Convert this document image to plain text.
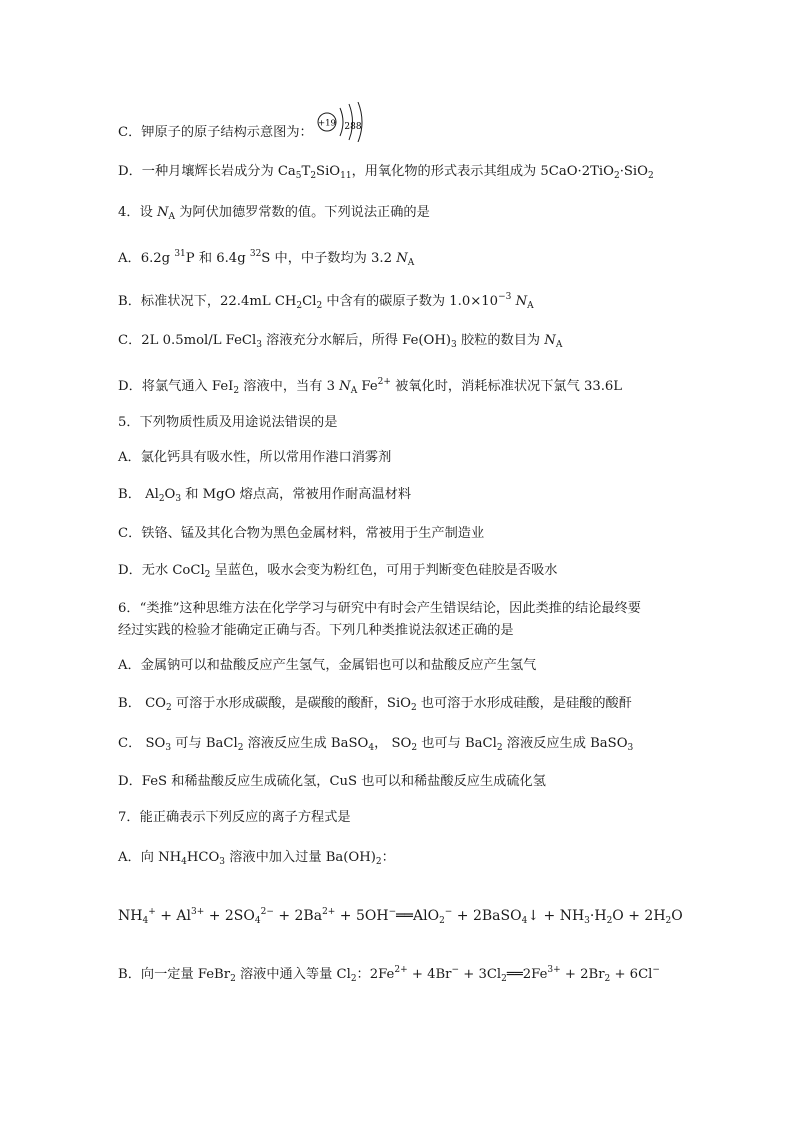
C．钾原子的原子结构示意图为：
+19 288
D．一种月壤辉长岩成分为 $Ca_5T_2SiO_{11}$，用氧化物的形式表示其组成为 5CaO·2TiO$_2$·SiO$_2$
4．设 $N_A$ 为阿伏加德罗常数的值。下列说法正确的是
A．6.2g $^{31}$P 和 6.4g $^{32}$S 中，中子数均为 3.2 $N_A$
B．标准状况下，22.4mL $CH_2Cl_2$ 中含有的碳原子数为 $1.0\times 10^{-3}$ $N_A$
C．2L 0.5mol/L FeCl$_3$ 溶液充分水解后，所得 $Fe(OH)_3$ 胶粒的数目为 $N_A$
D．将氯气通入 FeI$_2$ 溶液中，当有 3 $N_A$ $Fe^{2+}$ 被氧化时，消耗标准状况下氯气 33.6L
5．下列物质性质及用途说法错误的是
A．氯化钙具有吸水性，所以常用作港口消雾剂
B． $Al_2O_3$ 和 MgO 熔点高，常被用作耐高温材料
C．铁铬、锰及其化合物为黑色金属材料，常被用于生产制造业
D．无水 CoCl$_2$ 呈蓝色，吸水会变为粉红色，可用于判断变色硅胶是否吸水
6．“类推”这种思维方法在化学学习与研究中有时会产生错误结论，因此类推的结论最终要
经过实践的检验才能确定正确与否。下列几种类推说法叙述正确的是
A．金属钠可以和盐酸反应产生氢气，金属铝也可以和盐酸反应产生氢气
B． $CO_2$ 可溶于水形成碳酸，是碳酸的酸酐，SiO$_2$ 也可溶于水形成硅酸，是硅酸的酸酐
C． $SO_3$ 可与 BaCl$_2$ 溶液反应生成 BaSO$_4$， $SO_2$ 也可与 BaCl$_2$ 溶液反应生成 BaSO$_3$
D．FeS 和稀盐酸反应生成硫化氢，CuS 也可以和稀盐酸反应生成硫化氢
7．能正确表示下列反应的离子方程式是
A．向 $NH_4HCO_3$ 溶液中加入过量 $Ba(OH)_2$：
$NH_4^+ + Al^{3+} + 2SO_4^{2-} + 2Ba^{2+}$ + 5OH−══AlO$_2$− + 2BaSO$_4$↓ + $NH_3\cdot H_2O + 2H_2O$
B．向一定量 FeBr$_2$ 溶液中通入等量 $Cl_2$：$2Fe^{2+} + 4Br^-$ + $3Cl_2══2Fe^{3+} + 2Br_2 + 6Cl^-$
